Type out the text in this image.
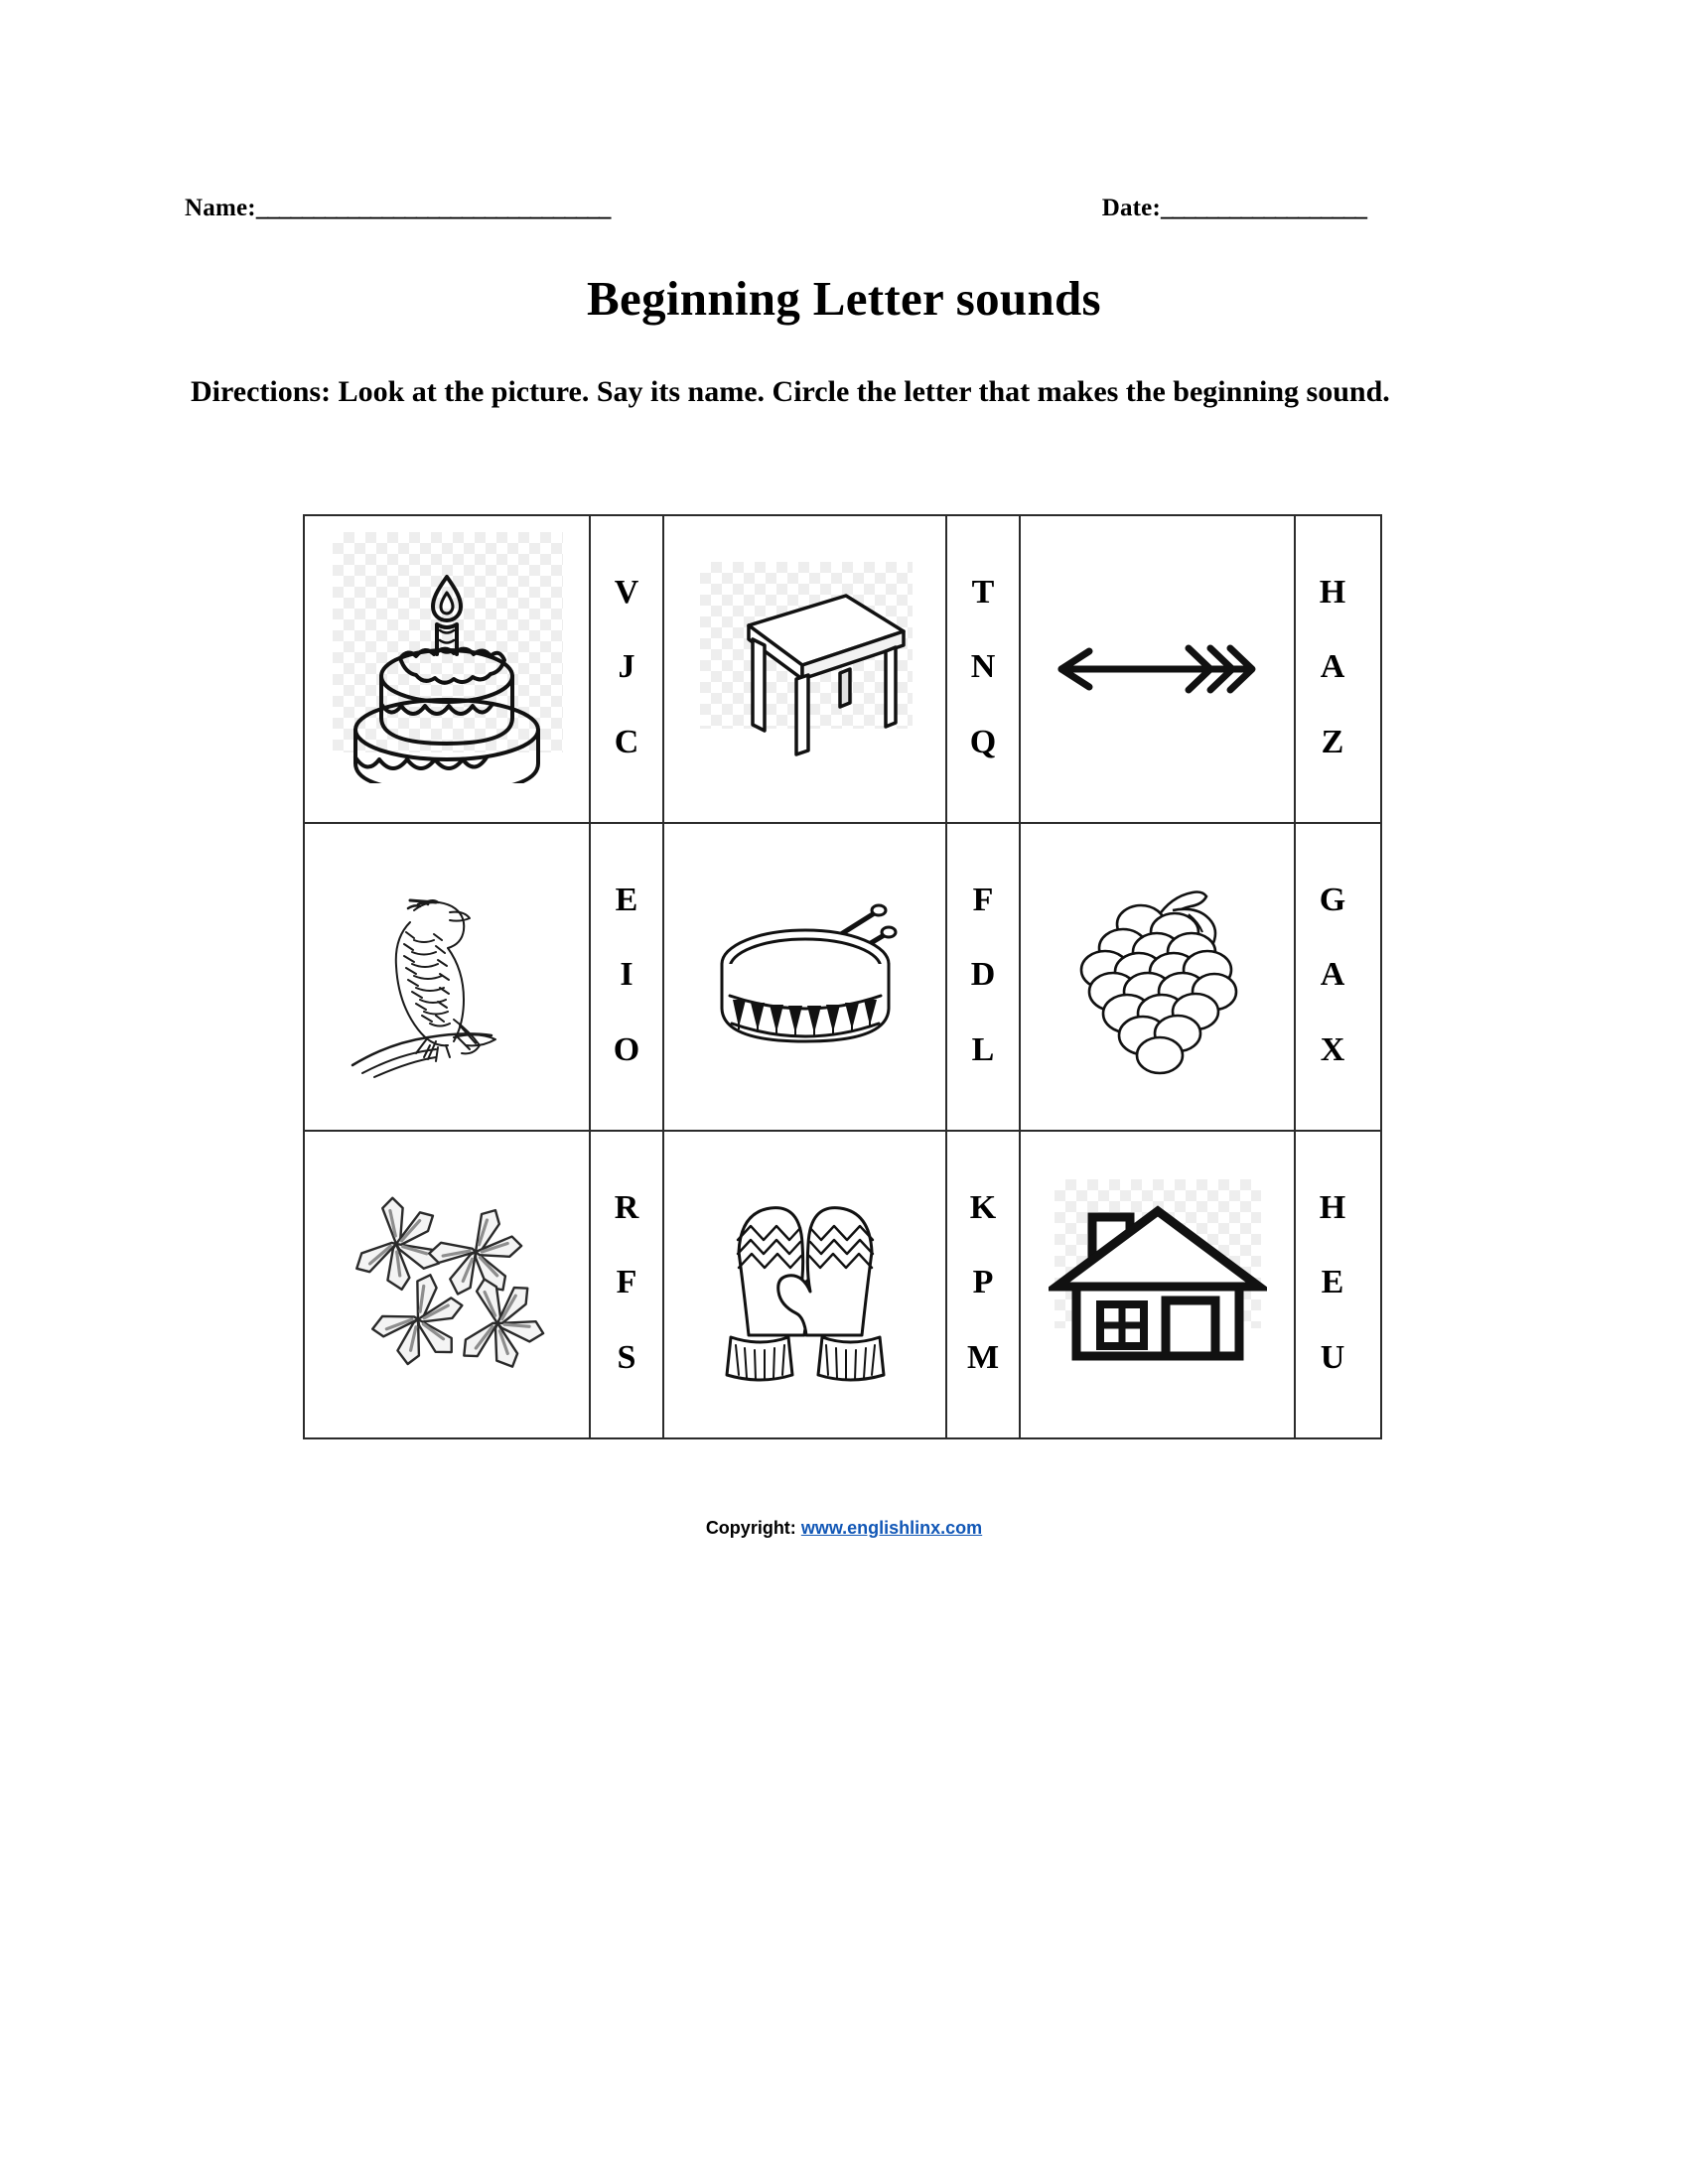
Name: _______________________________	Date: __________________
Beginning Letter sounds
Directions: Look at the picture. Say its name. Circle the letter that makes the beginning sound.
V
J
C
T
N
Q
H
A
Z
E
I
O
F
D
L
G
A
X
R
F
S
K
P
M
H
E
U
Copyright: www.englishlinx.com
